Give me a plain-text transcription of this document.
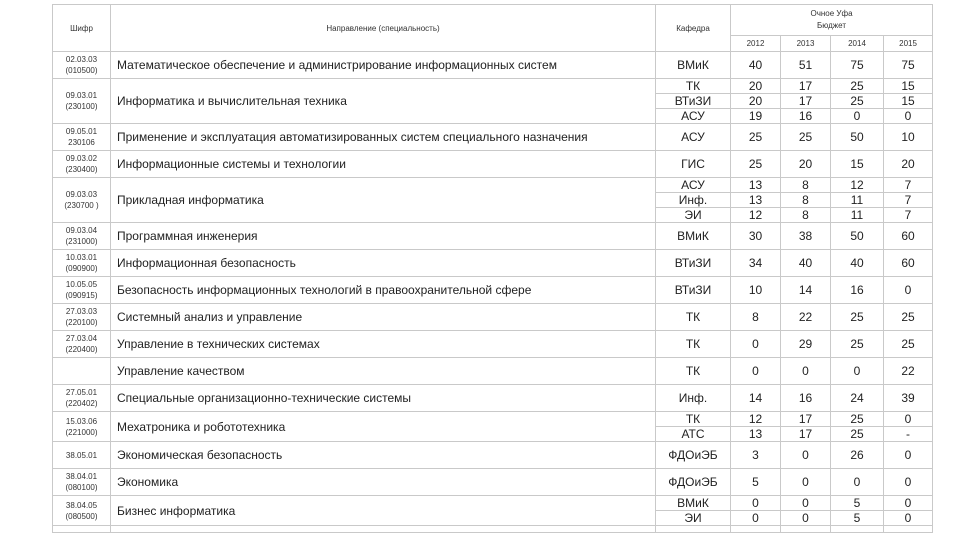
Шифр	Направление (специальность)	Кафедра	Очное Уфа
Бюджет			

			2012	2013	2014	2015

02.03.03
(010500)	Математическое обеспечение и администрирование информационных систем	ВМиК	40	51	75	75

09.03.01
(230100)	Информатика и вычислительная техника	ТК	20	17	25	15
		ВТиЗИ	20	17	25	15
		АСУ	19	16	0	0

09.05.01
230106	Применение и эксплуатация автоматизированных систем специального назначения	АСУ	25	25	50	10

09.03.02
(230400)	Информационные системы и технологии	ГИС	25	20	15	20

09.03.03
(230700 )	Прикладная информатика	АСУ	13	8	12	7
		Инф.	13	8	11	7
		ЭИ	12	8	11	7

09.03.04
(231000)	Программная инженерия	ВМиК	30	38	50	60

10.03.01
(090900)	Информационная безопасность	ВТиЗИ	34	40	40	60

10.05.05
(090915)	Безопасность информационных технологий в правоохранительной сфере	ВТиЗИ	10	14	16	0

27.03.03
(220100)	Системный анализ и управление	ТК	8	22	25	25

27.03.04
(220400)	Управление в технических системах	ТК	0	29	25	25
	Управление качеством	ТК	0	0	0	22

27.05.01
(220402)	Специальные организационно-технические системы	Инф.	14	16	24	39

15.03.06
(221000)	Мехатроника и робототехника	ТК	12	17	25	0
		АТС	13	17	25	-

38.05.01	Экономическая безопасность	ФДОиЭБ	3	0	26	0

38.04.01
(080100)	Экономика	ФДОиЭБ	5	0	0	0

38.04.05
(080500)	Бизнес информатика	ВМиК	0	0	5	0
		ЭИ	0	0	5	0
